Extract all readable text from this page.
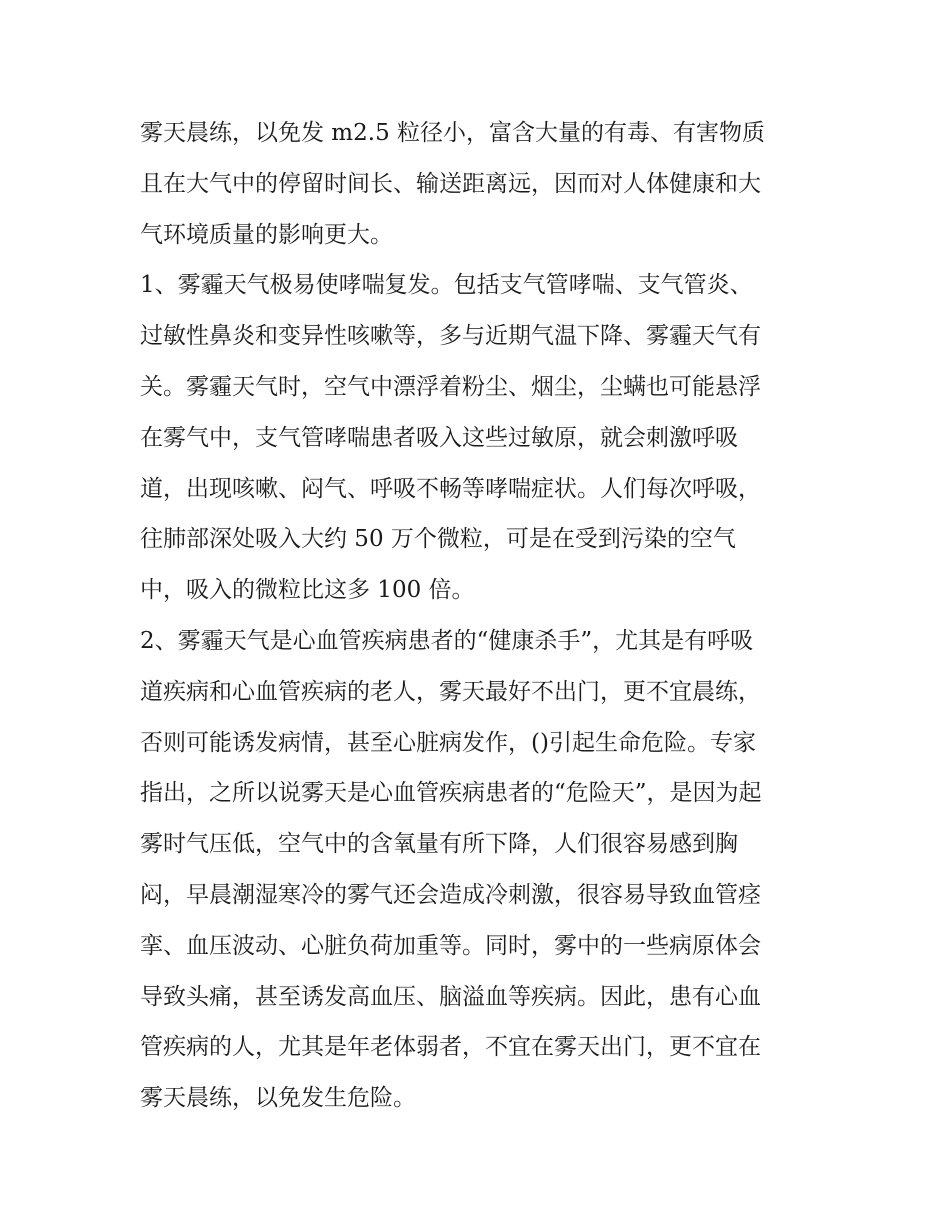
雾天晨练，以免发 m2.5 粒径小，富含大量的有毒、有害物质
且在大气中的停留时间长、输送距离远，因而对人体健康和大
气环境质量的影响更大。
1、雾霾天气极易使哮喘复发。包括支气管哮喘、支气管炎、
过敏性鼻炎和变异性咳嗽等，多与近期气温下降、雾霾天气有
关。雾霾天气时，空气中漂浮着粉尘、烟尘，尘螨也可能悬浮
在雾气中，支气管哮喘患者吸入这些过敏原，就会刺激呼吸
道，出现咳嗽、闷气、呼吸不畅等哮喘症状。人们每次呼吸，
往肺部深处吸入大约 50 万个微粒，可是在受到污染的空气
中，吸入的微粒比这多 100 倍。
2、雾霾天气是心血管疾病患者的“健康杀手”，尤其是有呼吸
道疾病和心血管疾病的老人，雾天最好不出门，更不宜晨练，
否则可能诱发病情，甚至心脏病发作，()引起生命危险。专家
指出，之所以说雾天是心血管疾病患者的“危险天”，是因为起
雾时气压低，空气中的含氧量有所下降，人们很容易感到胸
闷，早晨潮湿寒冷的雾气还会造成冷刺激，很容易导致血管痉
挛、血压波动、心脏负荷加重等。同时，雾中的一些病原体会
导致头痛，甚至诱发高血压、脑溢血等疾病。因此，患有心血
管疾病的人，尤其是年老体弱者，不宜在雾天出门，更不宜在
雾天晨练，以免发生危险。
